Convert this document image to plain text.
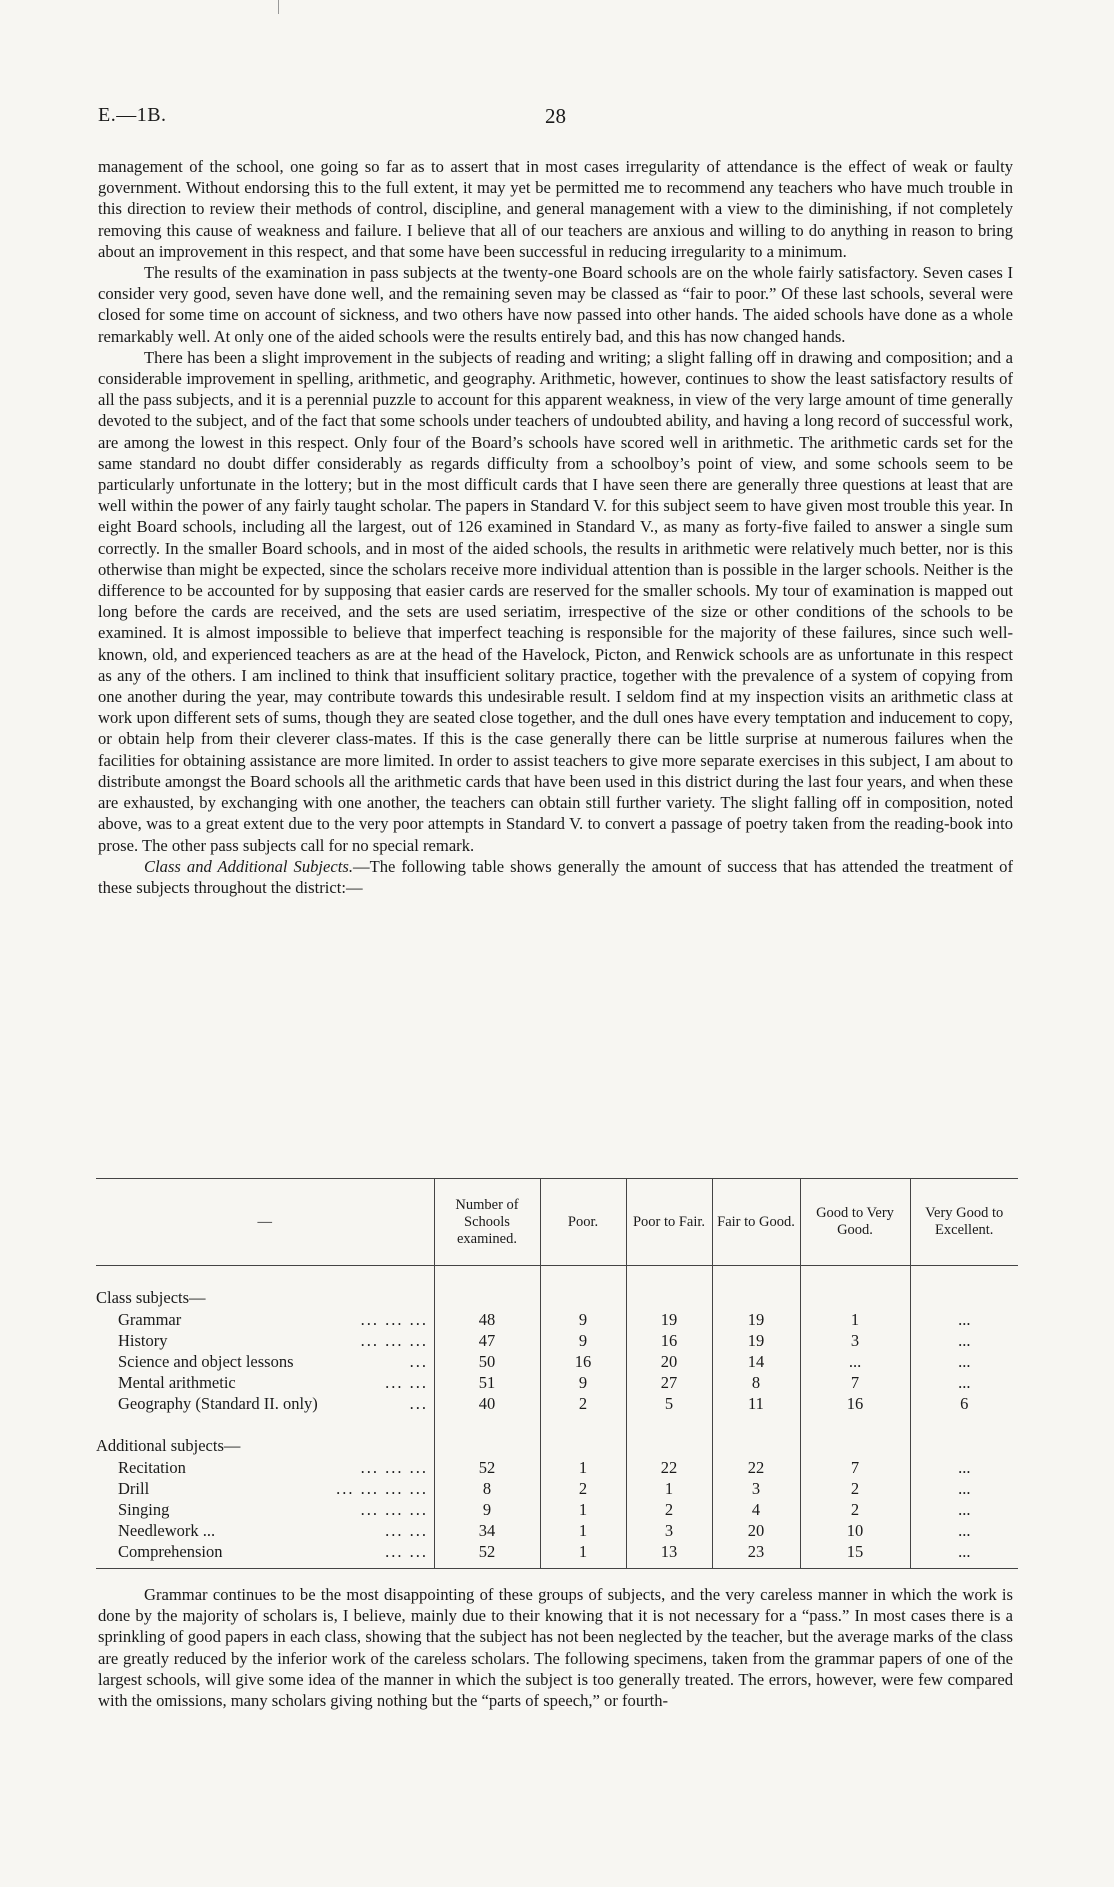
E.—1B.	28

management of the school, one going so far as to assert that in most cases irregularity of attendance is the effect of weak or faulty government. Without endorsing this to the full extent, it may yet be permitted me to recommend any teachers who have much trouble in this direction to review their methods of control, discipline, and general management with a view to the diminishing, if not completely removing this cause of weakness and failure. I believe that all of our teachers are anxious and willing to do anything in reason to bring about an improvement in this respect, and that some have been successful in reducing irregularity to a minimum.

The results of the examination in pass subjects at the twenty-one Board schools are on the whole fairly satisfactory. Seven cases I consider very good, seven have done well, and the remaining seven may be classed as “fair to poor.” Of these last schools, several were closed for some time on account of sickness, and two others have now passed into other hands. The aided schools have done as a whole remarkably well. At only one of the aided schools were the results entirely bad, and this has now changed hands.

There has been a slight improvement in the subjects of reading and writing; a slight falling off in drawing and composition; and a considerable improvement in spelling, arithmetic, and geography. Arithmetic, however, continues to show the least satisfactory results of all the pass subjects, and it is a perennial puzzle to account for this apparent weakness, in view of the very large amount of time generally devoted to the subject, and of the fact that some schools under teachers of undoubted ability, and having a long record of successful work, are among the lowest in this respect. Only four of the Board’s schools have scored well in arithmetic. The arithmetic cards set for the same standard no doubt differ considerably as regards difficulty from a schoolboy’s point of view, and some schools seem to be particularly unfortunate in the lottery; but in the most difficult cards that I have seen there are generally three questions at least that are well within the power of any fairly taught scholar. The papers in Standard V. for this subject seem to have given most trouble this year. In eight Board schools, including all the largest, out of 126 examined in Standard V., as many as forty-five failed to answer a single sum correctly. In the smaller Board schools, and in most of the aided schools, the results in arithmetic were relatively much better, nor is this otherwise than might be expected, since the scholars receive more individual attention than is possible in the larger schools. Neither is the difference to be accounted for by supposing that easier cards are reserved for the smaller schools. My tour of examination is mapped out long before the cards are received, and the sets are used seriatim, irrespective of the size or other conditions of the schools to be examined. It is almost impossible to believe that imperfect teaching is responsible for the majority of these failures, since such well-known, old, and experienced teachers as are at the head of the Havelock, Picton, and Renwick schools are as unfortunate in this respect as any of the others. I am inclined to think that insufficient solitary practice, together with the prevalence of a system of copying from one another during the year, may contribute towards this undesirable result. I seldom find at my inspection visits an arithmetic class at work upon different sets of sums, though they are seated close together, and the dull ones have every temptation and inducement to copy, or obtain help from their cleverer class-mates. If this is the case generally there can be little surprise at numerous failures when the facilities for obtaining assistance are more limited. In order to assist teachers to give more separate exercises in this subject, I am about to distribute amongst the Board schools all the arithmetic cards that have been used in this district during the last four years, and when these are exhausted, by exchanging with one another, the teachers can obtain still further variety. The slight falling off in composition, noted above, was to a great extent due to the very poor attempts in Standard V. to convert a passage of poetry taken from the reading-book into prose. The other pass subjects call for no special remark.

Class and Additional Subjects.—The following table shows generally the amount of success that has attended the treatment of these subjects throughout the district:—

—	Number of Schools examined.	Poor.	Poor to Fair.	Fair to Good.	Good to Very Good.	Very Good to Excellent.

Class subjects—						
Grammar ... ... ...	48	9	19	19	1	...
History ... ... ...	47	9	16	19	3	...
Science and object lessons ...	50	16	20	14	...	...
Mental arithmetic ... ...	51	9	27	8	7	...
Geography (Standard II. only) ...	40	2	5	11	16	6

Additional subjects—						
Recitation ... ... ...	52	1	22	22	7	...
Drill ... ... ... ...	8	2	1	3	2	...
Singing ... ... ...	9	1	2	4	2	...
Needlework ... ... ...	34	1	3	20	10	...
Comprehension ... ...	52	1	13	23	15	...

Grammar continues to be the most disappointing of these groups of subjects, and the very careless manner in which the work is done by the majority of scholars is, I believe, mainly due to their knowing that it is not necessary for a “pass.” In most cases there is a sprinkling of good papers in each class, showing that the subject has not been neglected by the teacher, but the average marks of the class are greatly reduced by the inferior work of the careless scholars. The following specimens, taken from the grammar papers of one of the largest schools, will give some idea of the manner in which the subject is too generally treated. The errors, however, were few compared with the omissions, many scholars giving nothing but the “parts of speech,” or fourth-
